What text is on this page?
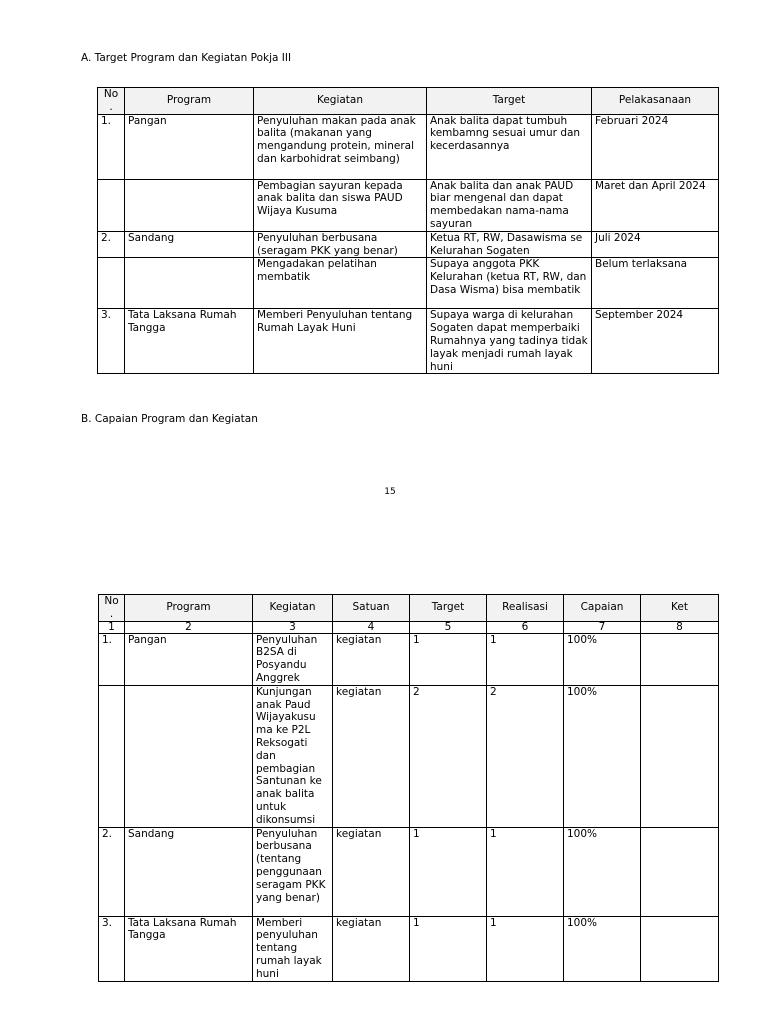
A. Target Program dan Kegiatan Pokja III
No .	Program	Kegiatan	Target	Pelakasanaan
1.	Pangan	Penyuluhan makan pada anak balita (makanan yang mengandung protein, mineral dan karbohidrat seimbang)	Anak balita dapat tumbuh kembamng sesuai umur dan kecerdasannya	Februari 2024
		Pembagian sayuran kepada anak balita dan siswa PAUD Wijaya Kusuma	Anak balita dan anak PAUD biar mengenal dan dapat membedakan nama-nama sayuran	Maret dan April 2024
2.	Sandang	Penyuluhan berbusana (seragam PKK yang benar)	Ketua RT, RW, Dasawisma se Kelurahan Sogaten	Juli 2024
		Mengadakan pelatihan membatik	Supaya anggota PKK Kelurahan (ketua RT, RW, dan Dasa Wisma) bisa membatik	Belum terlaksana
3.	Tata Laksana Rumah Tangga	Memberi Penyuluhan tentang Rumah Layak Huni	Supaya warga di kelurahan Sogaten dapat memperbaiki Rumahnya yang tadinya tidak layak menjadi rumah layak huni	September 2024
B. Capaian Program dan Kegiatan
15
No .	Program	Kegiatan	Satuan	Target	Realisasi	Capaian	Ket
1	2	3	4	5	6	7	8
1.	Pangan	Penyuluhan B2SA di Posyandu Anggrek	kegiatan	1	1	100%	
		Kunjungan anak Paud Wijayakusu ma ke P2L Reksogati dan pembagian Santunan ke anak balita untuk dikonsumsi	kegiatan	2	2	100%	
2.	Sandang	Penyuluhan berbusana (tentang penggunaan seragam PKK yang benar)	kegiatan	1	1	100%	
3.	Tata Laksana Rumah Tangga	Memberi penyuluhan tentang rumah layak huni	kegiatan	1	1	100%	
